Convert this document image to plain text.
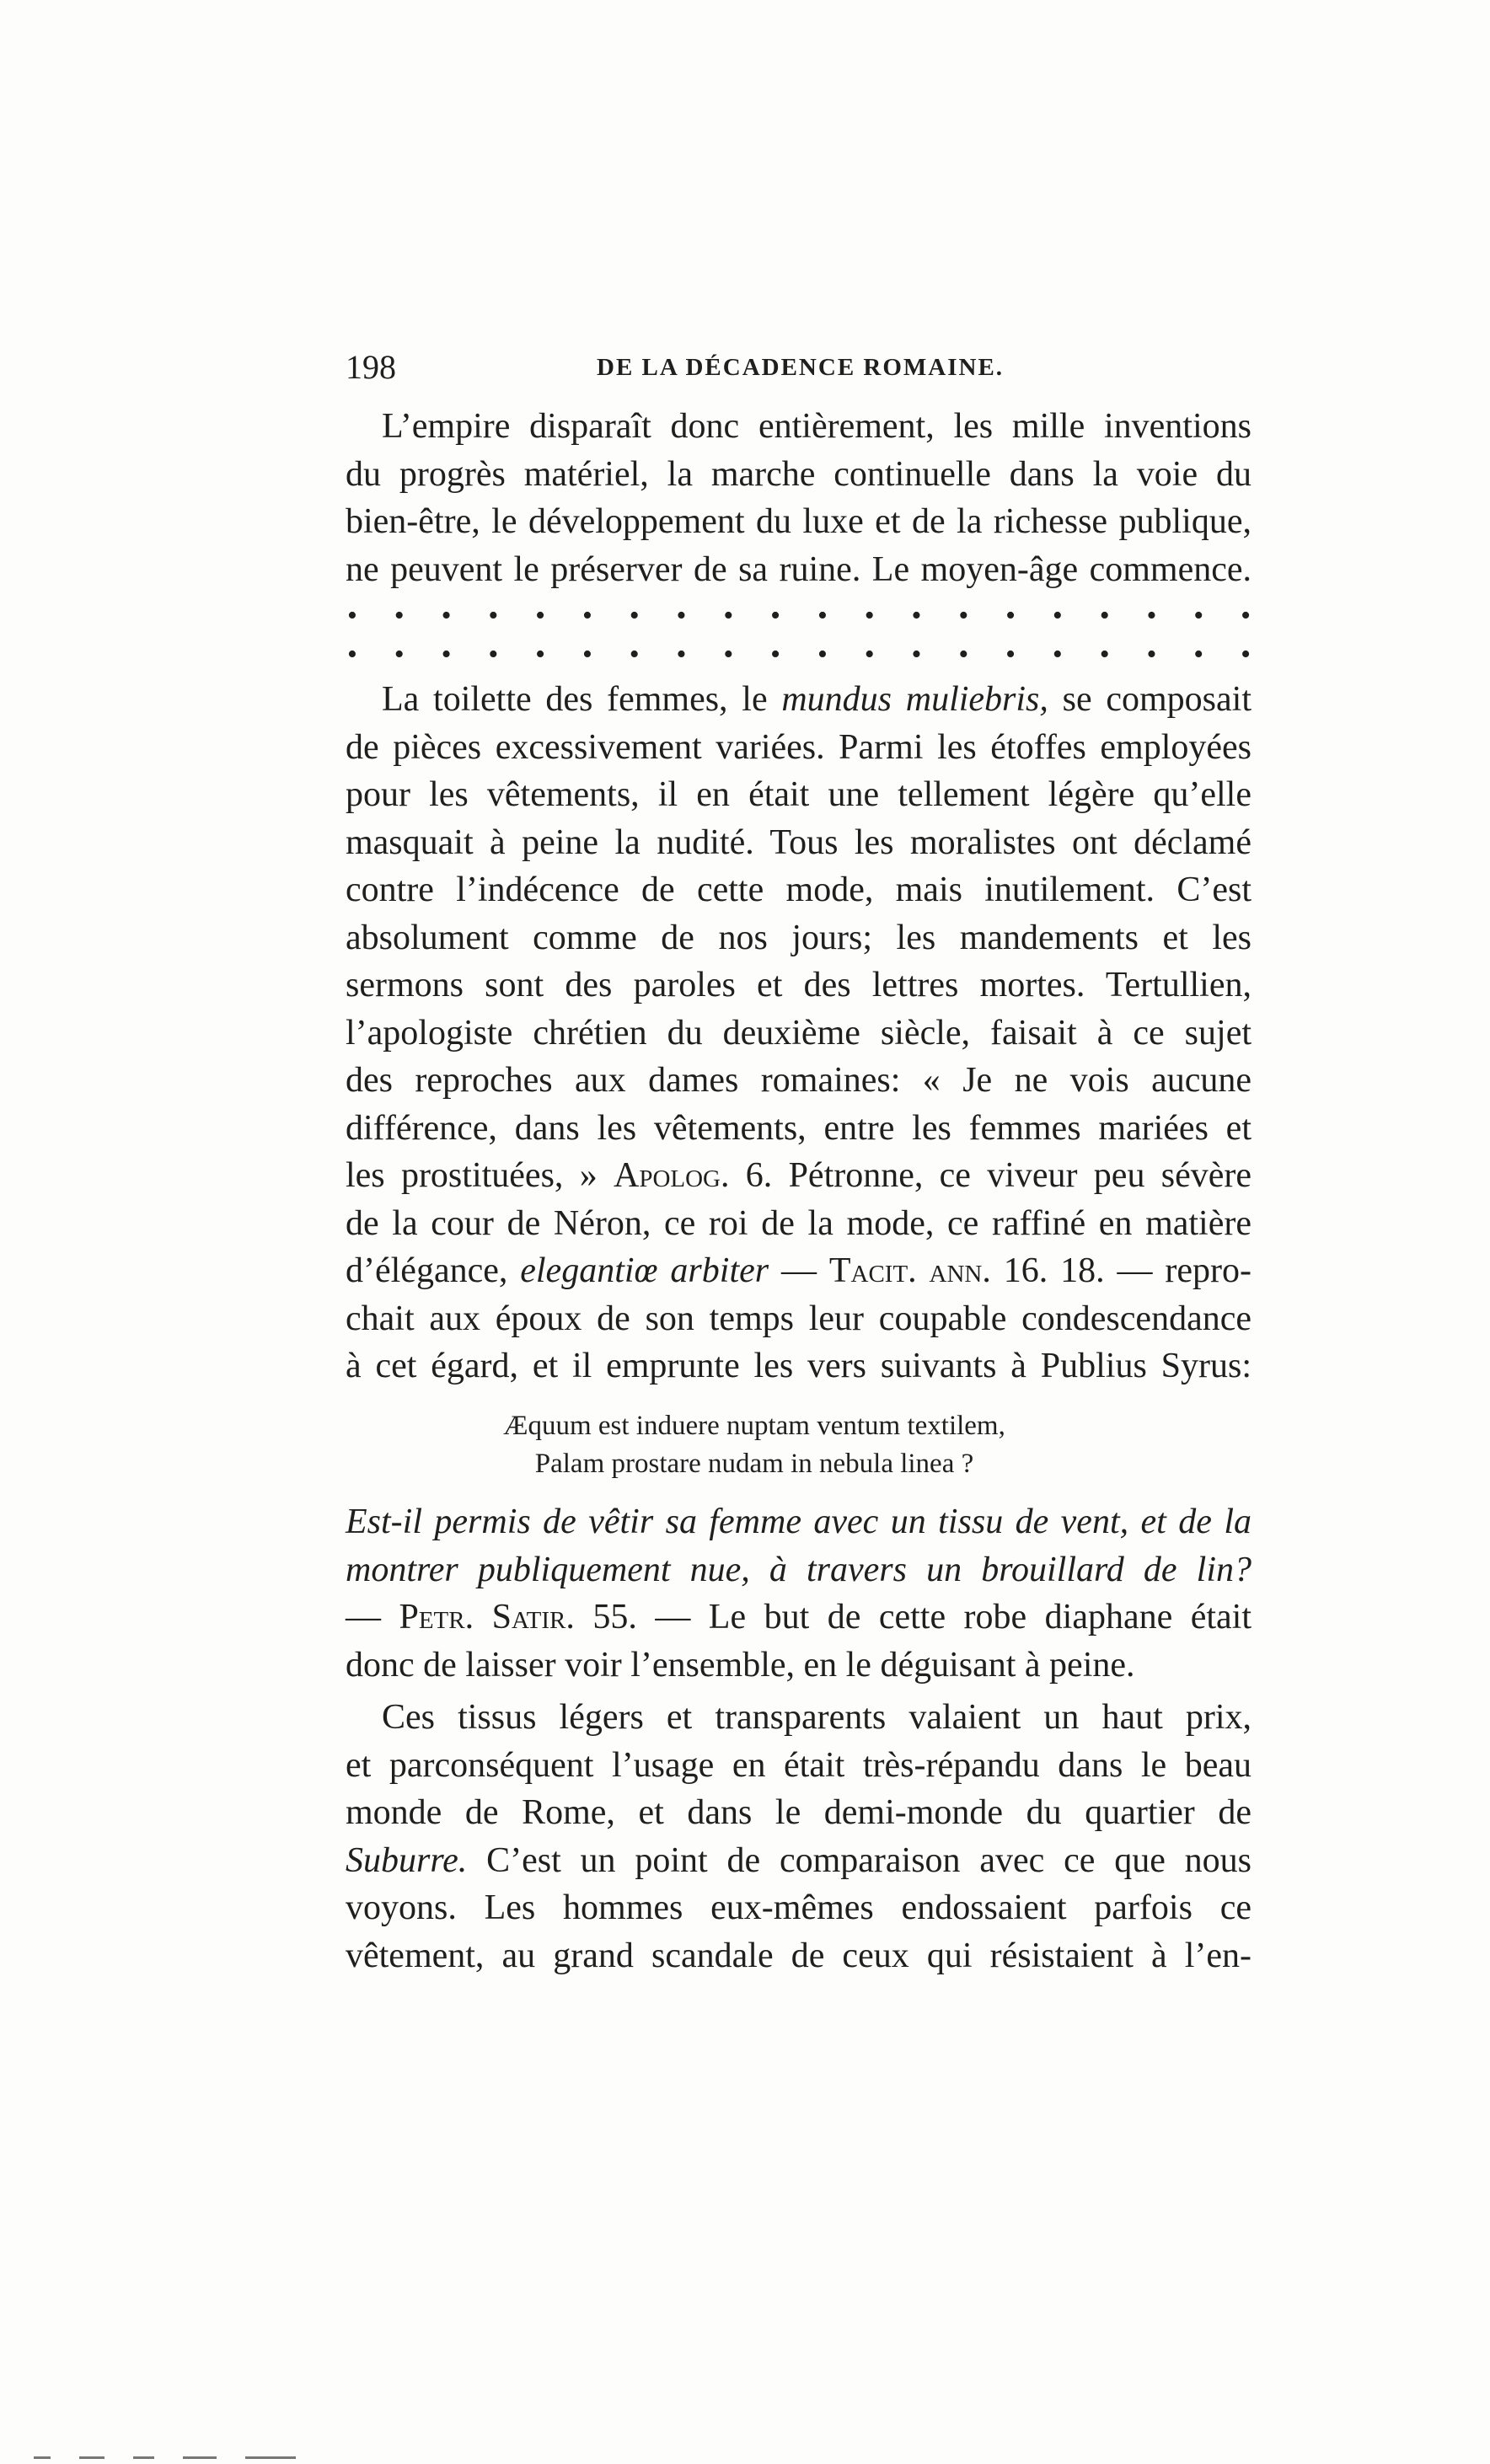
198	DE LA DÉCADENCE ROMAINE.
L’empire disparaît donc entièrement, les mille inventions
du progrès matériel, la marche continuelle dans la voie du
bien-être, le développement du luxe et de la richesse publique,
ne peuvent le préserver de sa ruine. Le moyen-âge commence.
• • • • • • • • • • • • • • • • • • • •
• • • • • • • • • • • • • • • • • • • •
La toilette des femmes, le mundus muliebris, se composait
de pièces excessivement variées. Parmi les étoffes employées
pour les vêtements, il en était une tellement légère qu’elle
masquait à peine la nudité. Tous les moralistes ont déclamé
contre l’indécence de cette mode, mais inutilement. C’est
absolument comme de nos jours; les mandements et les
sermons sont des paroles et des lettres mortes. Tertullien,
l’apologiste chrétien du deuxième siècle, faisait à ce sujet
des reproches aux dames romaines: « Je ne vois aucune
différence, dans les vêtements, entre les femmes mariées et
les prostituées, » Apolog. 6. Pétronne, ce viveur peu sévère
de la cour de Néron, ce roi de la mode, ce raffiné en matière
d’élégance, elegantiœ arbiter — Tacit. ann. 16. 18. — repro-
chait aux époux de son temps leur coupable condescendance
à cet égard, et il emprunte les vers suivants à Publius Syrus:
Æquum est induere nuptam ventum textilem,
Palam prostare nudam in nebula linea ?
Est-il permis de vêtir sa femme avec un tissu de vent, et de la
montrer publiquement nue, à travers un brouillard de lin?
— Petr. Satir. 55. — Le but de cette robe diaphane était
donc de laisser voir l’ensemble, en le déguisant à peine.
Ces tissus légers et transparents valaient un haut prix,
et parconséquent l’usage en était très-répandu dans le beau
monde de Rome, et dans le demi-monde du quartier de
Suburre. C’est un point de comparaison avec ce que nous
voyons. Les hommes eux-mêmes endossaient parfois ce
vêtement, au grand scandale de ceux qui résistaient à l’en-
